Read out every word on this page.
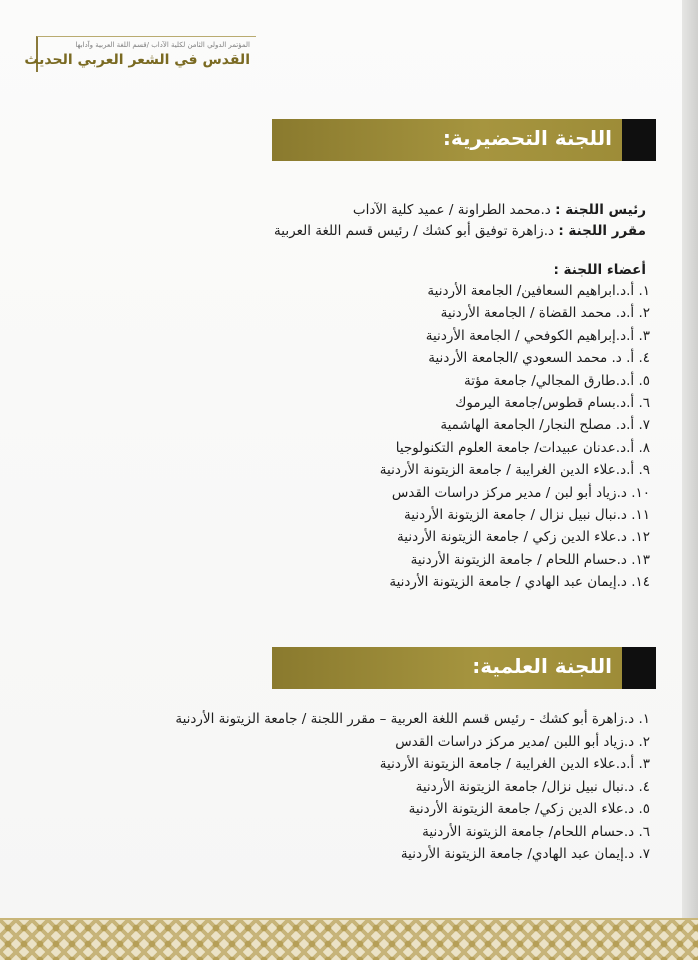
المؤتمر الدولي الثامن لكلية الآداب /قسم اللغة العربية وآدابها
القدس في الشعر العربي الحديث
اللجنة التحضيرية:
رئيس اللجنة : د.محمد الطراونة / عميد كلية الآداب
مقرر اللجنة : د.زاهرة توفيق أبو كشك / رئيس قسم اللغة العربية
أعضاء اللجنة :
١. أ.د.ابراهيم السعافين/ الجامعة الأردنية
٢. أ.د. محمد القضاة / الجامعة الأردنية
٣. أ.د.إبراهيم الكوفحي / الجامعة الأردنية
٤. أ. د. محمد السعودي /الجامعة الأردنية
٥. أ.د.طارق المجالي/ جامعة مؤتة
٦. أ.د.بسام قطوس/جامعة اليرموك
٧. أ.د. مصلح النجار/ الجامعة الهاشمية
٨. أ.د.عدنان عبيدات/ جامعة العلوم التكنولوجيا
٩. أ.د.علاء الدين الغرايبة / جامعة الزيتونة الأردنية
١٠. د.زياد أبو لبن / مدير مركز دراسات القدس
١١. د.نبال نبيل نزال / جامعة الزيتونة الأردنية
١٢. د.علاء الدين زكي / جامعة الزيتونة الأردنية
١٣. د.حسام اللحام / جامعة الزيتونة الأردنية
١٤. د.إيمان عبد الهادي / جامعة الزيتونة الأردنية
اللجنة العلمية:
١. د.زاهرة أبو كشك - رئيس قسم اللغة العربية – مقرر اللجنة / جامعة الزيتونة الأردنية
٢. د.زياد أبو اللبن /مدير مركز دراسات القدس
٣. أ.د.علاء الدين الغرايبة / جامعة الزيتونة الأردنية
٤. د.نبال نبيل نزال/ جامعة الزيتونة الأردنية
٥. د.علاء الدين زكي/ جامعة الزيتونة الأردنية
٦. د.حسام اللحام/ جامعة الزيتونة الأردنية
٧. د.إيمان عبد الهادي/ جامعة الزيتونة الأردنية
